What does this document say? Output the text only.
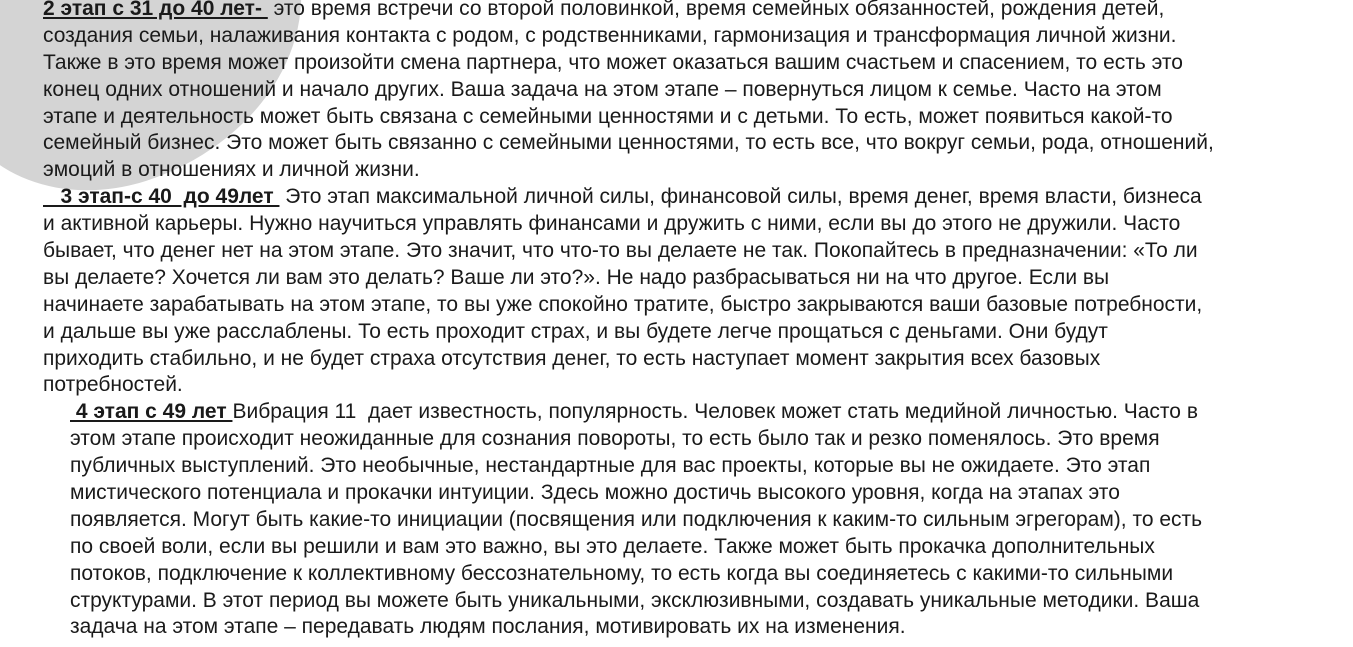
2 этап с 31 до 40 лет-  это время встречи со второй половинкой, время семейных обязанностей, рождения детей,
создания семьи, налаживания контакта с родом, с родственниками, гармонизация и трансформация личной жизни.
Также в это время может произойти смена партнера, что может оказаться вашим счастьем и спасением, то есть это
конец одних отношений и начало других. Ваша задача на этом этапе – повернуться лицом к семье. Часто на этом
этапе и деятельность может быть связана с семейными ценностями и с детьми. То есть, может появиться какой-то
семейный бизнес. Это может быть связанно с семейными ценностями, то есть все, что вокруг семьи, рода, отношений,
эмоций в отношениях и личной жизни.
3 этап-с 40  до 49лет  Это этап максимальной личной силы, финансовой силы, время денег, время власти, бизнеса
и активной карьеры. Нужно научиться управлять финансами и дружить с ними, если вы до этого не дружили. Часто
бывает, что денег нет на этом этапе. Это значит, что что-то вы делаете не так. Покопайтесь в предназначении: «То ли
вы делаете? Хочется ли вам это делать? Ваше ли это?». Не надо разбрасываться ни на что другое. Если вы
начинаете зарабатывать на этом этапе, то вы уже спокойно тратите, быстро закрываются ваши базовые потребности,
и дальше вы уже расслаблены. То есть проходит страх, и вы будете легче прощаться с деньгами. Они будут
приходить стабильно, и не будет страха отсутствия денег, то есть наступает момент закрытия всех базовых
потребностей.
4 этап с 49 лет Вибрация 11  дает известность, популярность. Человек может стать медийной личностью. Часто в
этом этапе происходит неожиданные для сознания повороты, то есть было так и резко поменялось. Это время
публичных выступлений. Это необычные, нестандартные для вас проекты, которые вы не ожидаете. Это этап
мистического потенциала и прокачки интуиции. Здесь можно достичь высокого уровня, когда на этапах это
появляется. Могут быть какие-то инициации (посвящения или подключения к каким-то сильным эгрегорам), то есть
по своей воли, если вы решили и вам это важно, вы это делаете. Также может быть прокачка дополнительных
потоков, подключение к коллективному бессознательному, то есть когда вы соединяетесь с какими-то сильными
структурами. В этот период вы можете быть уникальными, эксклюзивными, создавать уникальные методики. Ваша
задача на этом этапе – передавать людям послания, мотивировать их на изменения.
